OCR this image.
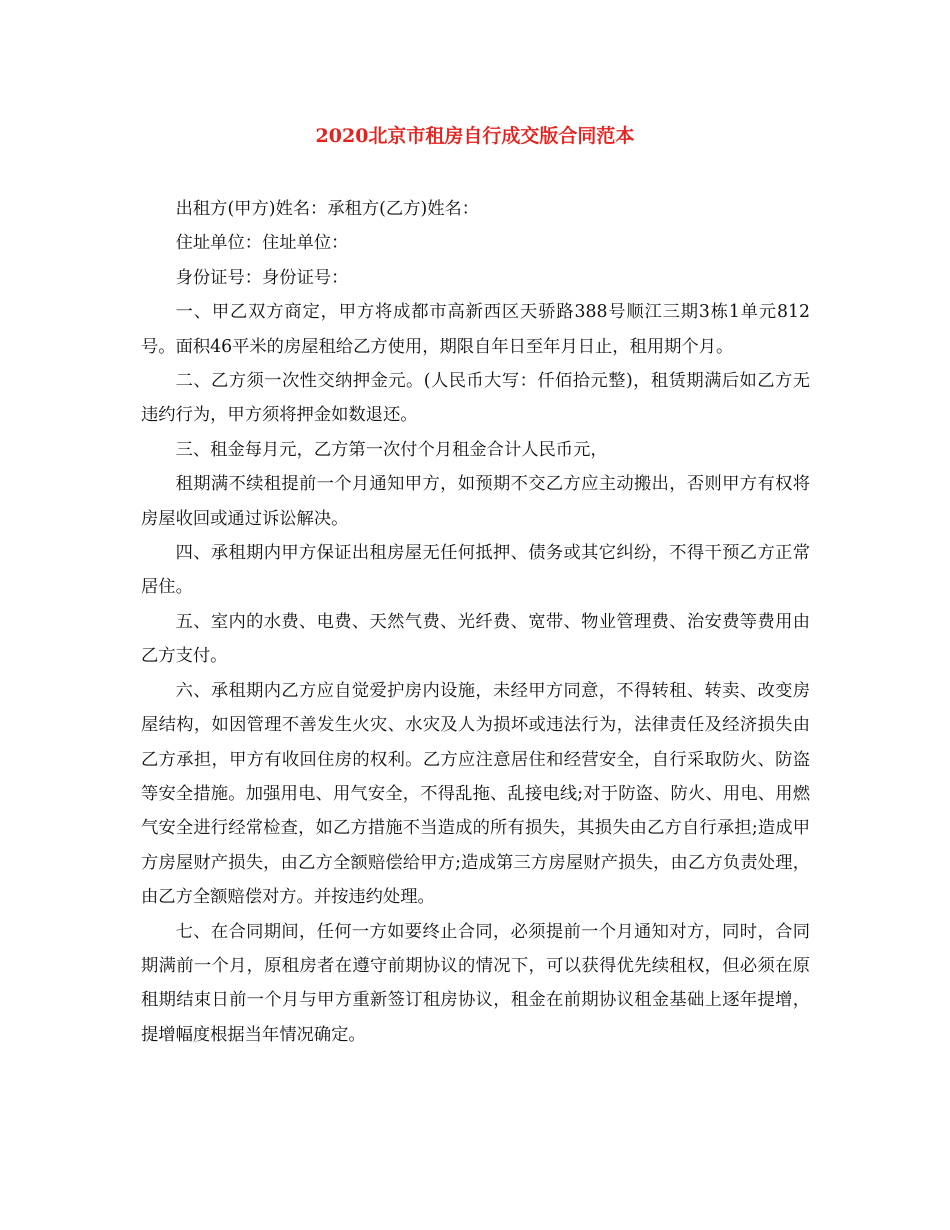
2020北京市租房自行成交版合同范本

出租方(甲方)姓名：承租方(乙方)姓名：

住址单位：住址单位：

身份证号：身份证号：

一、甲乙双方商定，甲方将成都市高新西区天骄路388号顺江三期3栋1单元812号。面积46平米的房屋租给乙方使用，期限自年日至年月日止，租用期个月。

二、乙方须一次性交纳押金元。(人民币大写：仟佰拾元整)，租赁期满后如乙方无违约行为，甲方须将押金如数退还。

三、租金每月元，乙方第一次付个月租金合计人民币元，

租期满不续租提前一个月通知甲方，如预期不交乙方应主动搬出，否则甲方有权将房屋收回或通过诉讼解决。

四、承租期内甲方保证出租房屋无任何抵押、债务或其它纠纷，不得干预乙方正常居住。

五、室内的水费、电费、天然气费、光纤费、宽带、物业管理费、治安费等费用由乙方支付。

六、承租期内乙方应自觉爱护房内设施，未经甲方同意，不得转租、转卖、改变房屋结构，如因管理不善发生火灾、水灾及人为损坏或违法行为，法律责任及经济损失由乙方承担，甲方有收回住房的权利。乙方应注意居住和经营安全，自行采取防火、防盗等安全措施。加强用电、用气安全，不得乱拖、乱接电线;对于防盗、防火、用电、用燃气安全进行经常检查，如乙方措施不当造成的所有损失，其损失由乙方自行承担;造成甲方房屋财产损失，由乙方全额赔偿给甲方;造成第三方房屋财产损失，由乙方负责处理，由乙方全额赔偿对方。并按违约处理。

七、在合同期间，任何一方如要终止合同，必须提前一个月通知对方，同时，合同期满前一个月，原租房者在遵守前期协议的情况下，可以获得优先续租权，但必须在原租期结束日前一个月与甲方重新签订租房协议，租金在前期协议租金基础上逐年提增，提增幅度根据当年情况确定。
